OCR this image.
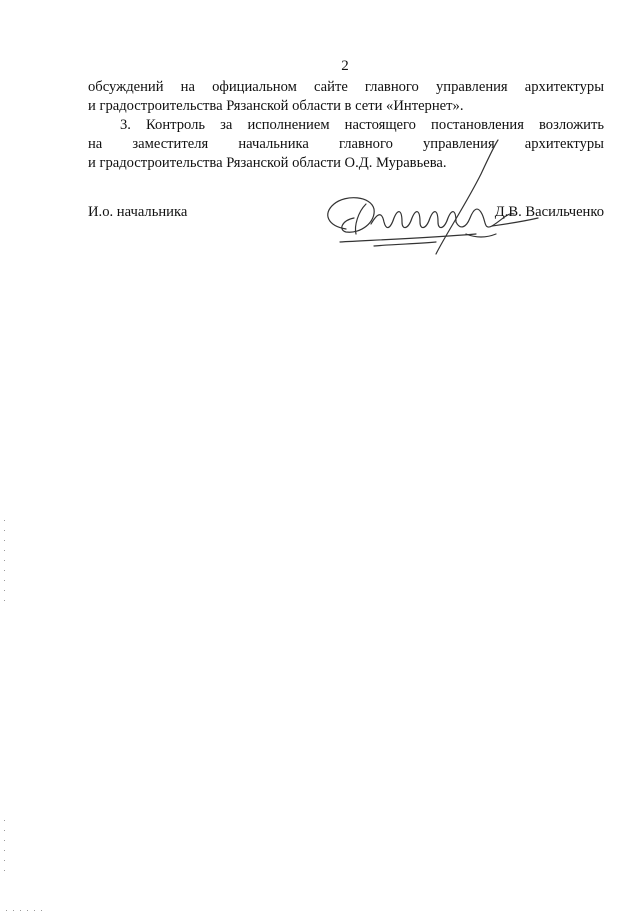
2
обсуждений на официальном сайте главного управления архитектуры
и градостроительства Рязанской области в сети «Интернет».
3. Контроль за исполнением настоящего постановления возложить
на заместителя начальника главного управления архитектуры
и градостроительства Рязанской области О.Д. Муравьева.
И.о. начальника	Д.В. Васильченко
